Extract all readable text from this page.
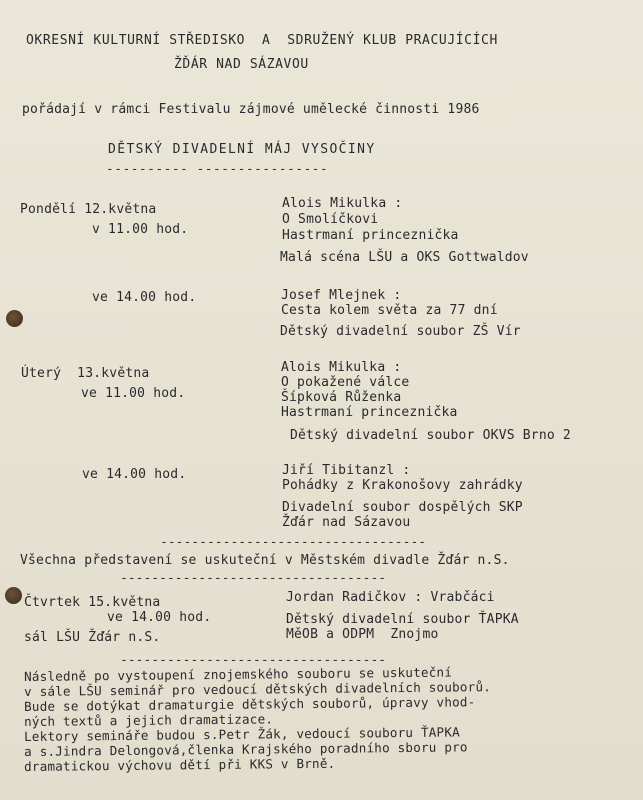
OKRESNÍ KULTURNÍ STŘEDISKO  A  SDRUŽENÝ KLUB PRACUJÍCÍCH
ŽĎÁR NAD SÁZAVOU
pořádají v rámci Festivalu zájmové umělecké činnosti 1986
DĚTSKÝ DIVADELNÍ MÁJ VYSOČINY
---------- ----------------
Pondělí 12.května
v 11.00 hod.
Alois Mikulka :
O Smolíčkovi
Hastrmaní princeznička
Malá scéna LŠU a OKS Gottwaldov
ve 14.00 hod.	Josef Mlejnek :
Cesta kolem světa za 77 dní
Dětský divadelní soubor ZŠ Vír
Úterý  13.května
ve 11.00 hod.
Alois Mikulka :
O pokažené válce
Šípková Růženka
Hastrmaní princeznička
Dětský divadelní soubor OKVS Brno 2
ve 14.00 hod.	Jiří Tibitanzl :
Pohádky z Krakonošovy zahrádky
Divadelní soubor dospělých SKP
Žďár nad Sázavou
----------------------------------
Všechna představení se uskuteční v Městském divadle Žďár n.S.
----------------------------------
Čtvrtek 15.května
ve 14.00 hod.
sál LŠU Žďár n.S.
Jordan Radičkov : Vrabčáci
Dětský divadelní soubor ŤAPKA
MěOB a ODPM  Znojmo
----------------------------------
Následně po vystoupení znojemského souboru se uskuteční
v sále LŠU seminář pro vedoucí dětských divadelních souborů.
Bude se dotýkat dramaturgie dětských souborů, úpravy vhod-
ných textů a jejich dramatizace.
Lektory semináře budou s.Petr Žák, vedoucí souboru ŤAPKA
a s.Jindra Delongová,členka Krajského poradního sboru pro
dramatickou výchovu dětí při KKS v Brně.
